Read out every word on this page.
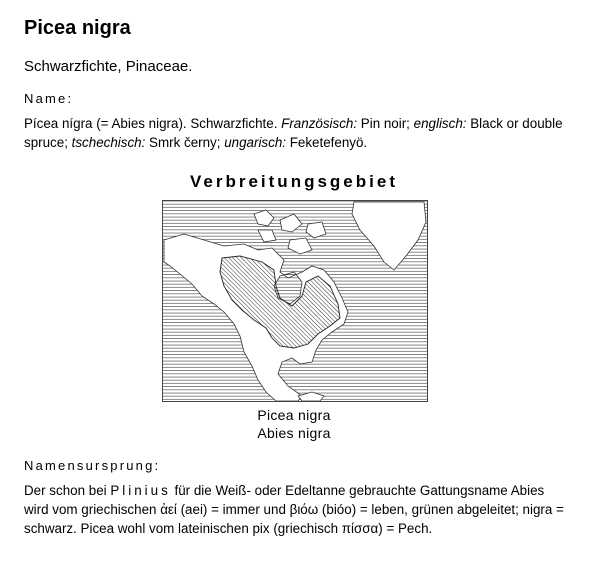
Picea nigra

Schwarzfichte, Pinaceae.

Name:

Pícea nígra (= Abies nigra). Schwarzfichte. Französisch: Pin noir; englisch: Black or double spruce; tschechisch: Smrk černy; ungarisch: Feketefenyö.

Verbreitungsgebiet
Picea nigra
Abies nigra

Namensursprung:

Der schon bei Plinius für die Weiß- oder Edeltanne gebrauchte Gattungsname Abies wird vom griechischen ἀεί (aei) = immer und βιόω (bióo) = leben, grünen abgeleitet; nigra = schwarz. Picea wohl vom lateinischen pix (griechisch πίσσα) = Pech.
